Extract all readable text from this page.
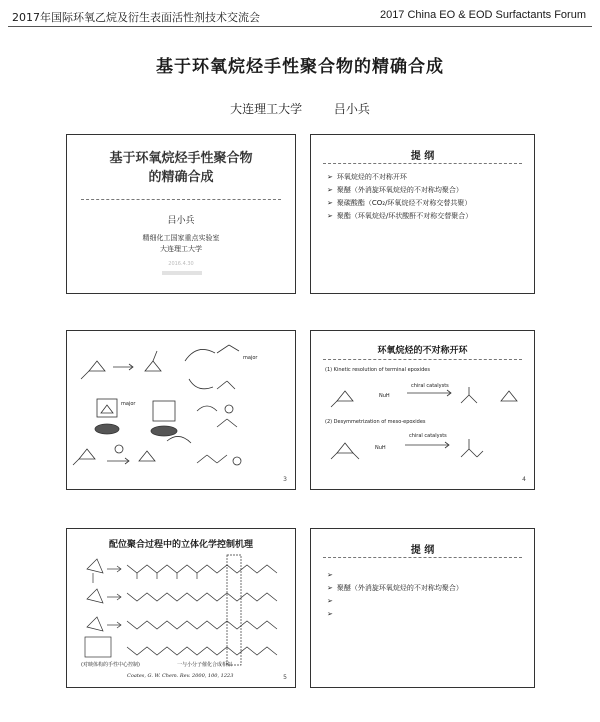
2017年国际环氧乙烷及衍生表面活性剂技术交流会	2017 China EO & EOD Surfactants Forum
基于环氧烷烃手性聚合物的精确合成
大连理工大学	吕小兵
基于环氧烷烃手性聚合物
的精确合成
吕小兵
精细化工国家重点实验室
大连理工大学
2016.4.30
提 纲
➢ 环氧烷烃的不对称开环
➢ 聚醚（外消旋环氧烷烃的不对称均聚合）
➢ 聚碳酸酯（CO₂/环氧烷烃不对称交替共聚）
➢ 聚酯（环氧烷烃/环状酸酐不对称交替聚合）
major
major
3
环氧烷烃的不对称开环
(1) Kinetic resolution of terminal epoxides
NuH
chiral catalysts
(2) Desymmetrization of meso-epoxides
NuH
chiral catalysts
4
配位聚合过程中的立体化学控制机理
(对映体构的手性中心控制)	一与小分子催化合成相似
Coates, G. W. Chem. Rev. 2000, 100, 1223	5
提 纲
➢
➢ 聚醚（外消旋环氧烷烃的不对称均聚合）
➢
➢
